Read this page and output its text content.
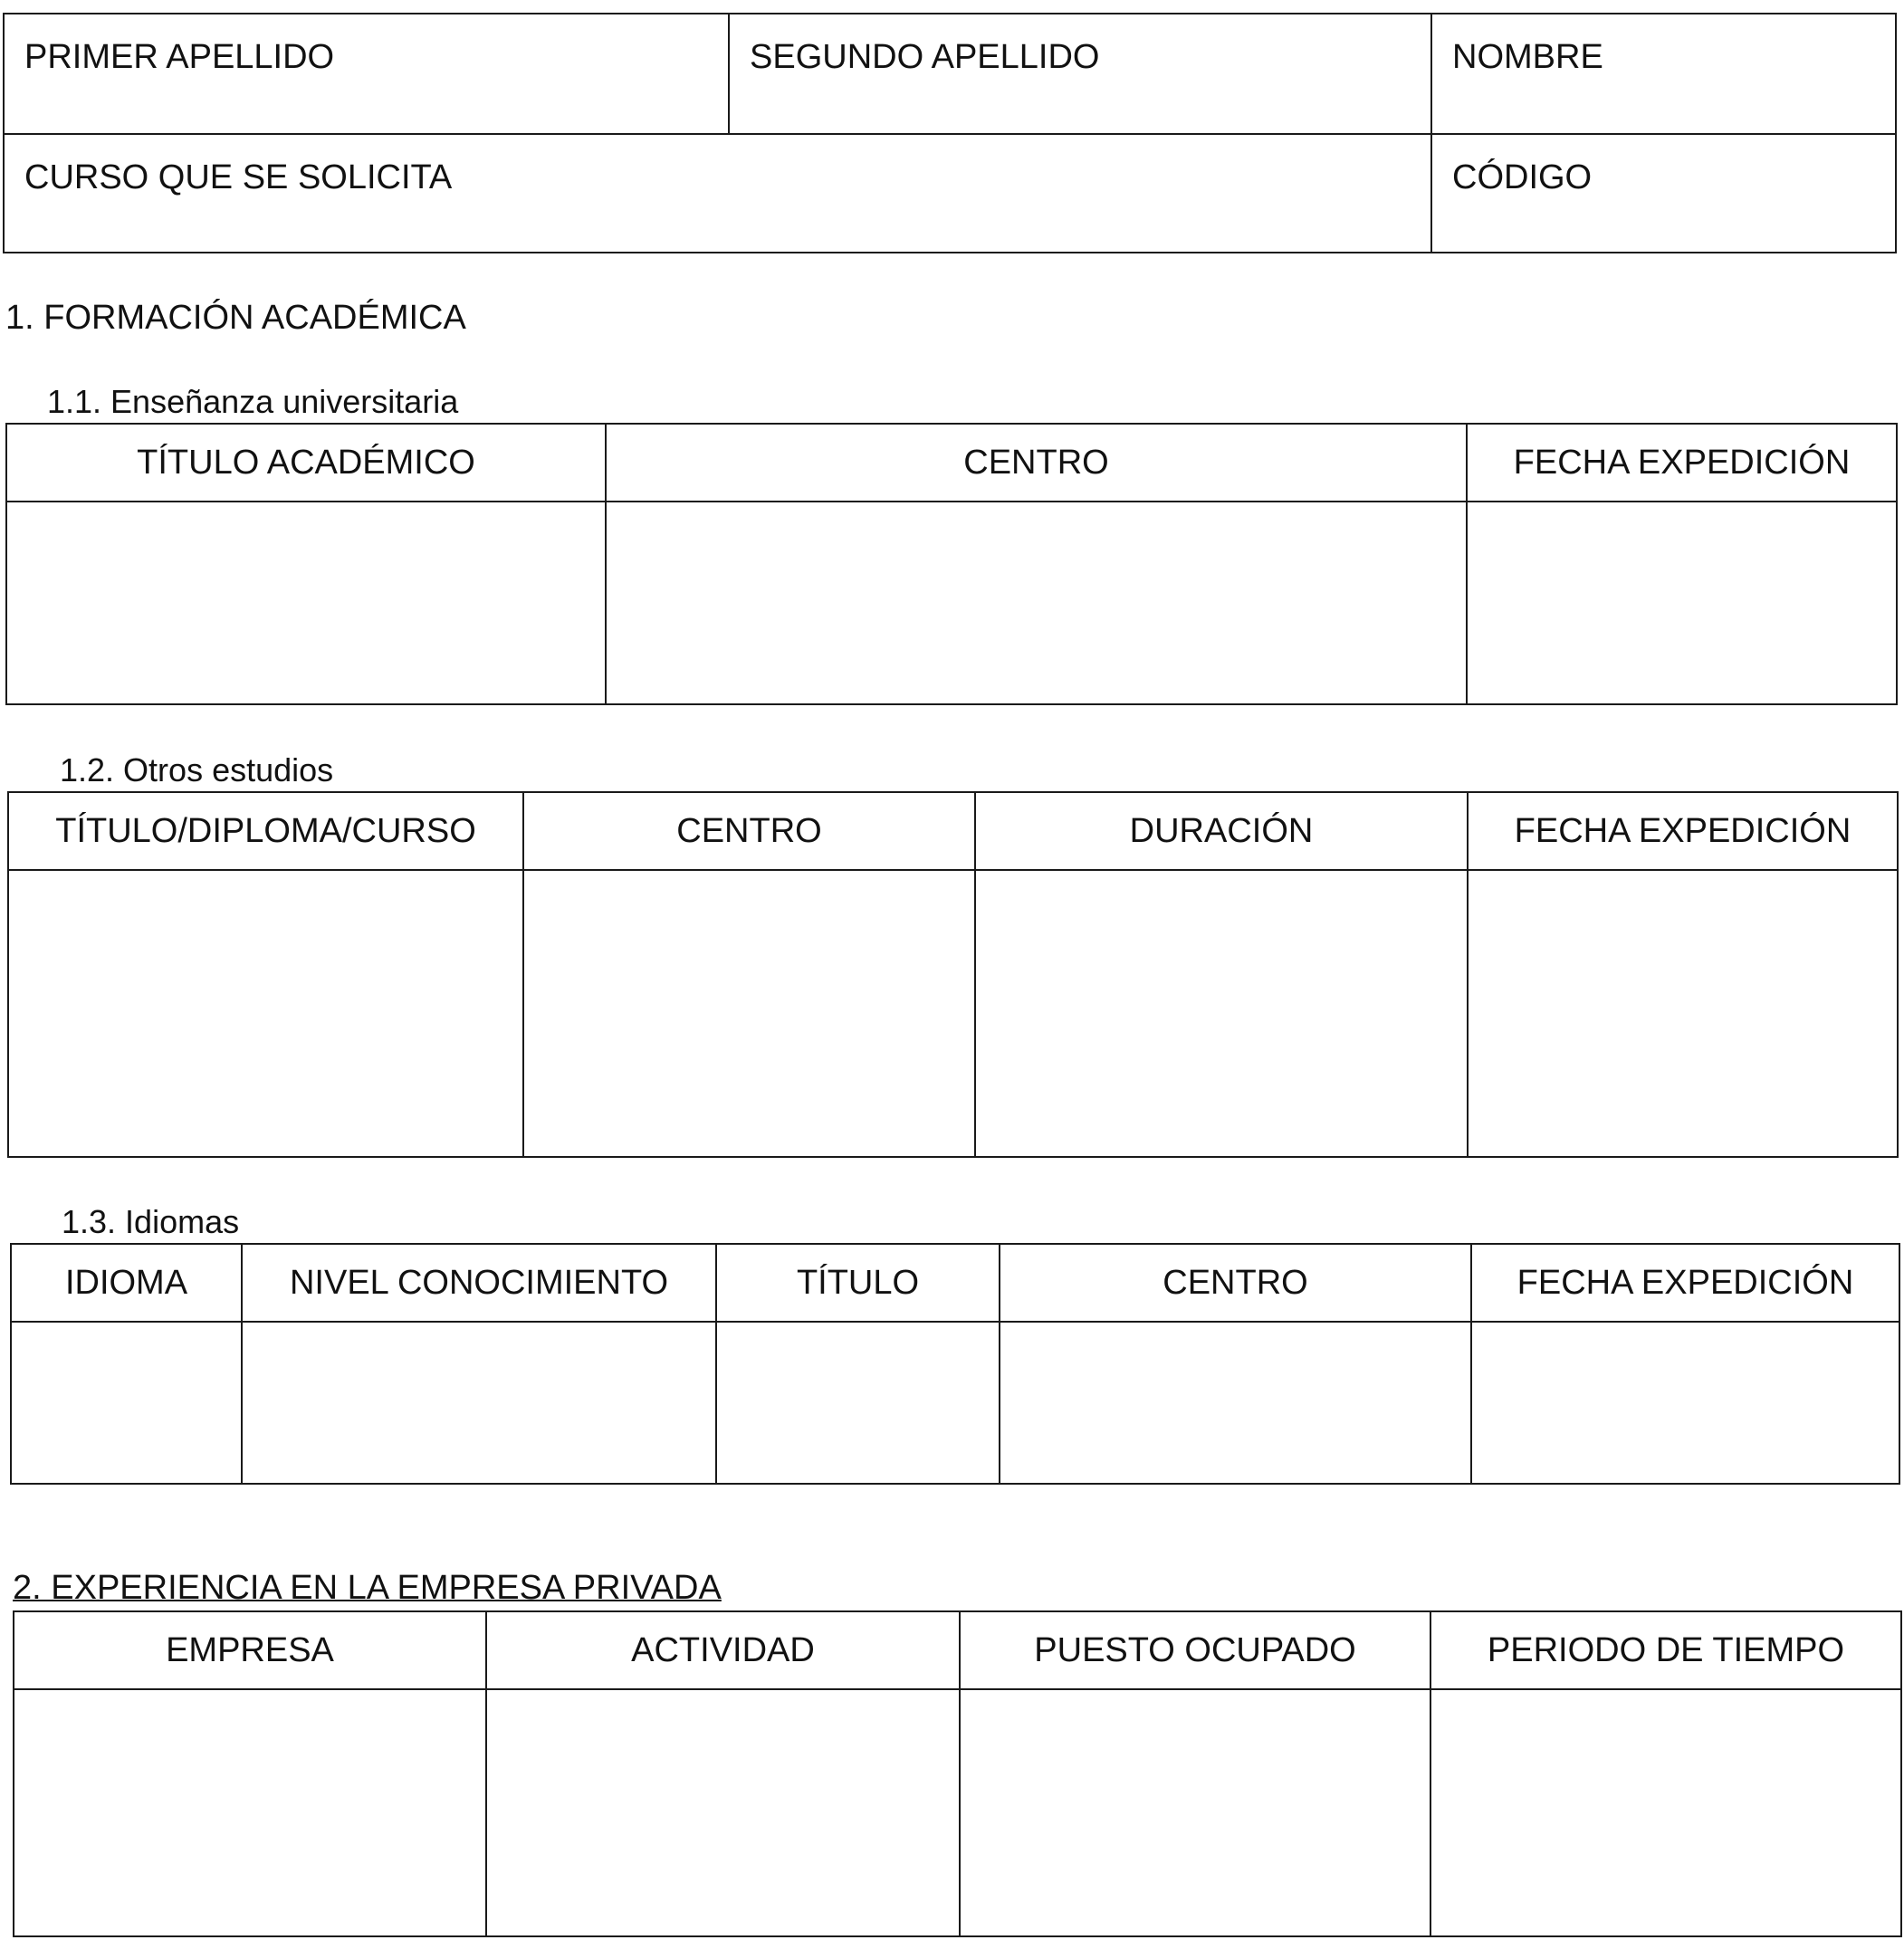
PRIMER APELLIDO	SEGUNDO APELLIDO	NOMBRE
CURSO QUE SE SOLICITA		CÓDIGO
1. FORMACIÓN ACADÉMICA
1.1. Enseñanza universitaria
TÍTULO ACADÉMICO	CENTRO	FECHA EXPEDICIÓN

1.2. Otros estudios
TÍTULO/DIPLOMA/CURSO	CENTRO	DURACIÓN	FECHA EXPEDICIÓN

1.3. Idiomas
IDIOMA	NIVEL CONOCIMIENTO	TÍTULO	CENTRO	FECHA EXPEDICIÓN

2. EXPERIENCIA EN LA EMPRESA PRIVADA
EMPRESA	ACTIVIDAD	PUESTO OCUPADO	PERIODO DE TIEMPO
